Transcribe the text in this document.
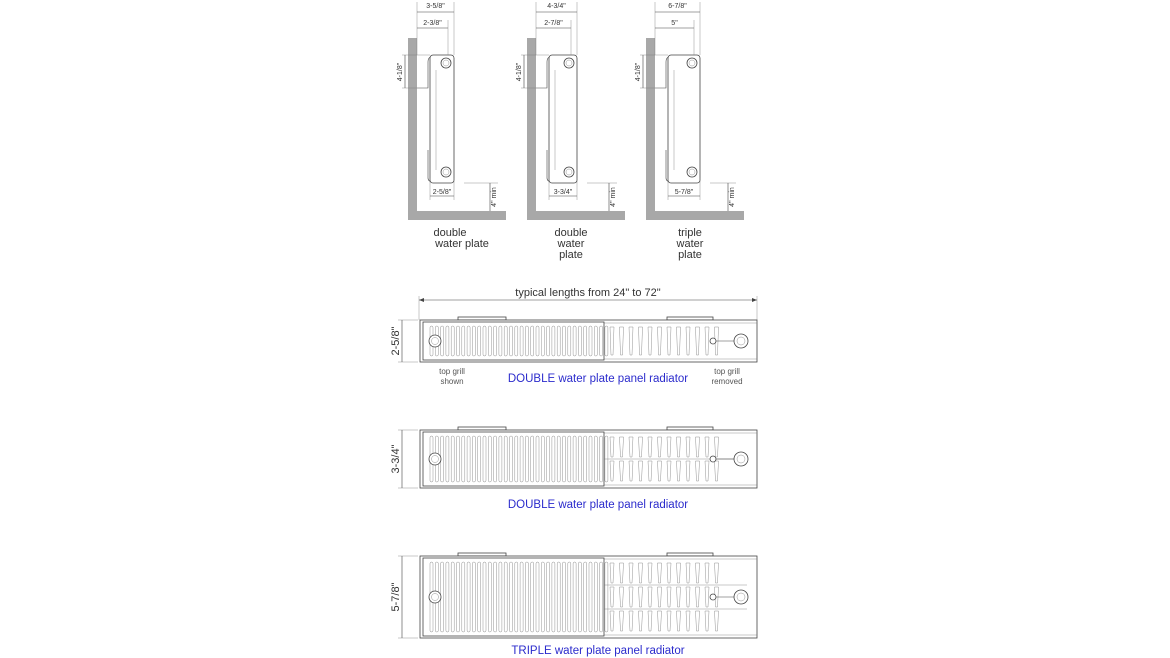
3-5/8"
2-3/8"
4-1/8"
2-5/8"	4" min
double
water plate
4-3/4"
2-7/8"
4-1/8"
3-3/4"	4" min
double
water
plate
6-7/8"
5"
4-1/8"
5-7/8"	4" min
triple
water
plate
typical lengths from 24" to 72"
2-5/8"
DOUBLE water plate panel radiator
3-3/4"
DOUBLE water plate panel radiator
5-7/8"
TRIPLE water plate panel radiator
top grill
shown
top grill
removed
